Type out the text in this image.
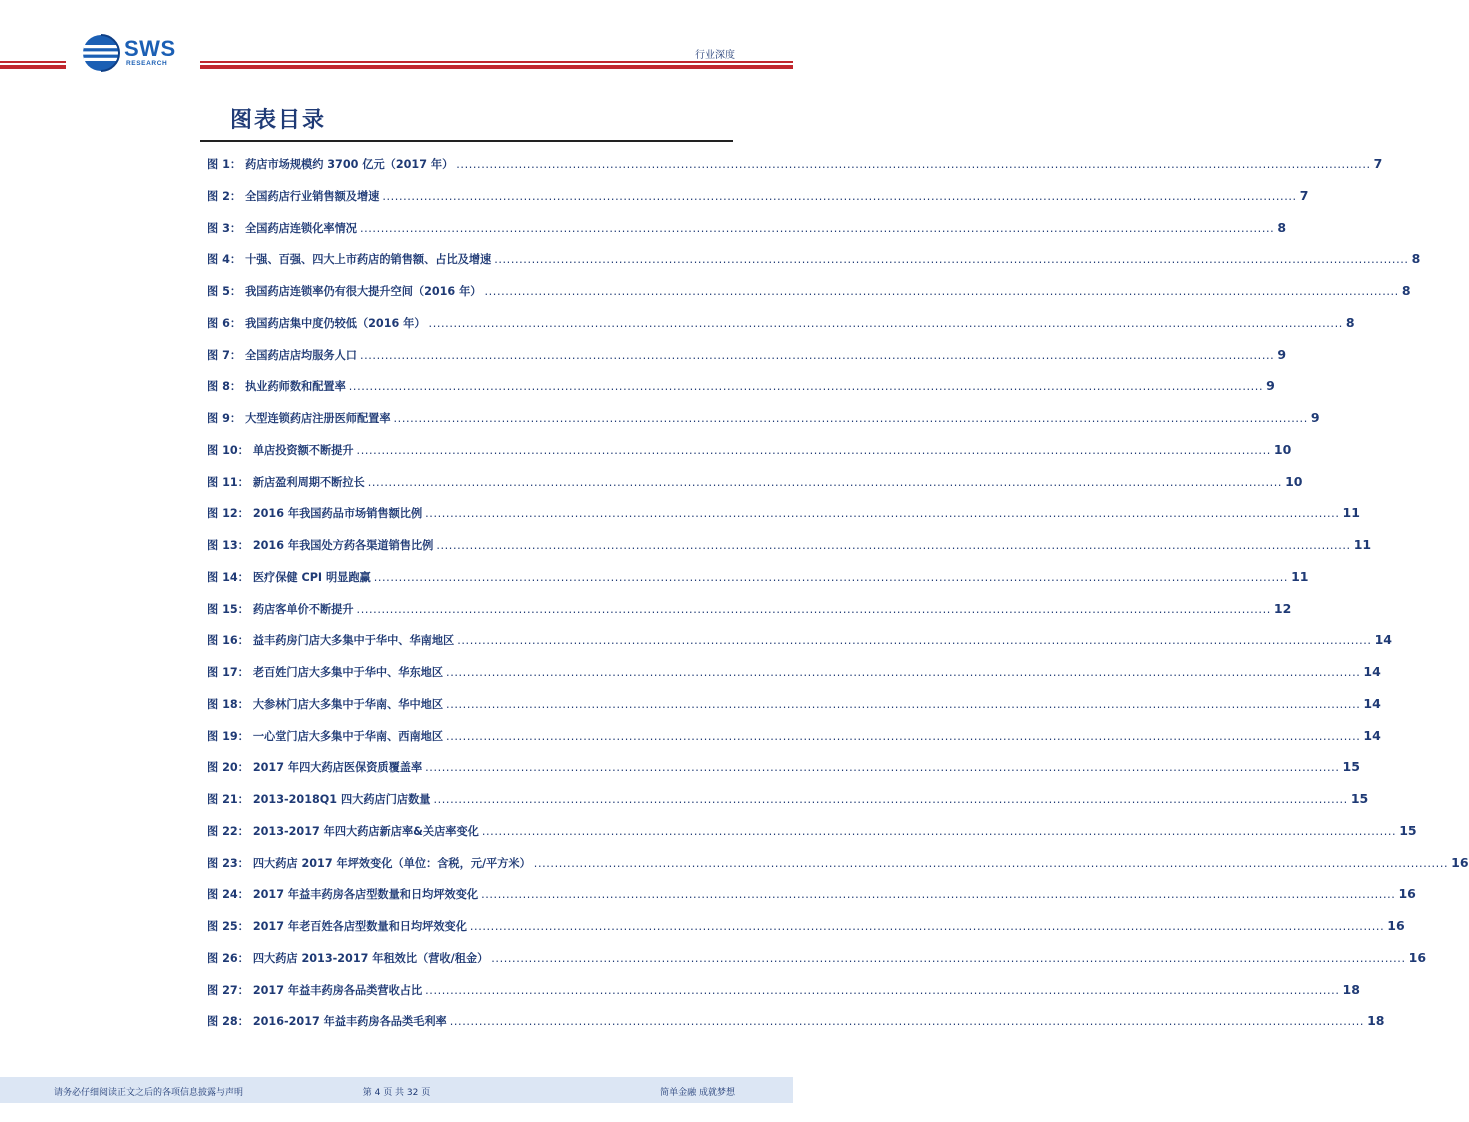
SWS
RESEARCH
行业深度
图表目录
图 1： 药店市场规模约 3700 亿元（2017 年） ............................................................................................................................................................................................................................ 7
图 2： 全国药店行业销售额及增速 ............................................................................................................................................................................................................................ 7
图 3： 全国药店连锁化率情况 ............................................................................................................................................................................................................................ 8
图 4： 十强、百强、四大上市药店的销售额、占比及增速 ............................................................................................................................................................................................................................ 8
图 5： 我国药店连锁率仍有很大提升空间（2016 年） ............................................................................................................................................................................................................................ 8
图 6： 我国药店集中度仍较低（2016 年） ............................................................................................................................................................................................................................ 8
图 7： 全国药店店均服务人口 ............................................................................................................................................................................................................................ 9
图 8： 执业药师数和配置率 ............................................................................................................................................................................................................................ 9
图 9： 大型连锁药店注册医师配置率 ............................................................................................................................................................................................................................ 9
图 10： 单店投资额不断提升 ............................................................................................................................................................................................................................ 10
图 11： 新店盈利周期不断拉长 ............................................................................................................................................................................................................................ 10
图 12： 2016 年我国药品市场销售额比例 ............................................................................................................................................................................................................................ 11
图 13： 2016 年我国处方药各渠道销售比例 ............................................................................................................................................................................................................................ 11
图 14： 医疗保健 CPI 明显跑赢 ............................................................................................................................................................................................................................ 11
图 15： 药店客单价不断提升 ............................................................................................................................................................................................................................ 12
图 16： 益丰药房门店大多集中于华中、华南地区 ............................................................................................................................................................................................................................ 14
图 17： 老百姓门店大多集中于华中、华东地区 ............................................................................................................................................................................................................................ 14
图 18： 大参林门店大多集中于华南、华中地区 ............................................................................................................................................................................................................................ 14
图 19： 一心堂门店大多集中于华南、西南地区 ............................................................................................................................................................................................................................ 14
图 20： 2017 年四大药店医保资质覆盖率 ............................................................................................................................................................................................................................ 15
图 21： 2013-2018Q1 四大药店门店数量 ............................................................................................................................................................................................................................ 15
图 22： 2013-2017 年四大药店新店率&关店率变化 ............................................................................................................................................................................................................................ 15
图 23： 四大药店 2017 年坪效变化（单位：含税，元/平方米） ............................................................................................................................................................................................................................ 16
图 24： 2017 年益丰药房各店型数量和日均坪效变化 ............................................................................................................................................................................................................................ 16
图 25： 2017 年老百姓各店型数量和日均坪效变化 ............................................................................................................................................................................................................................ 16
图 26： 四大药店 2013-2017 年租效比（营收/租金） ............................................................................................................................................................................................................................ 16
图 27： 2017 年益丰药房各品类营收占比 ............................................................................................................................................................................................................................ 18
图 28： 2016-2017 年益丰药房各品类毛利率 ............................................................................................................................................................................................................................ 18
请务必仔细阅读正文之后的各项信息披露与声明	第 4 页 共 32 页	简单金融 成就梦想
